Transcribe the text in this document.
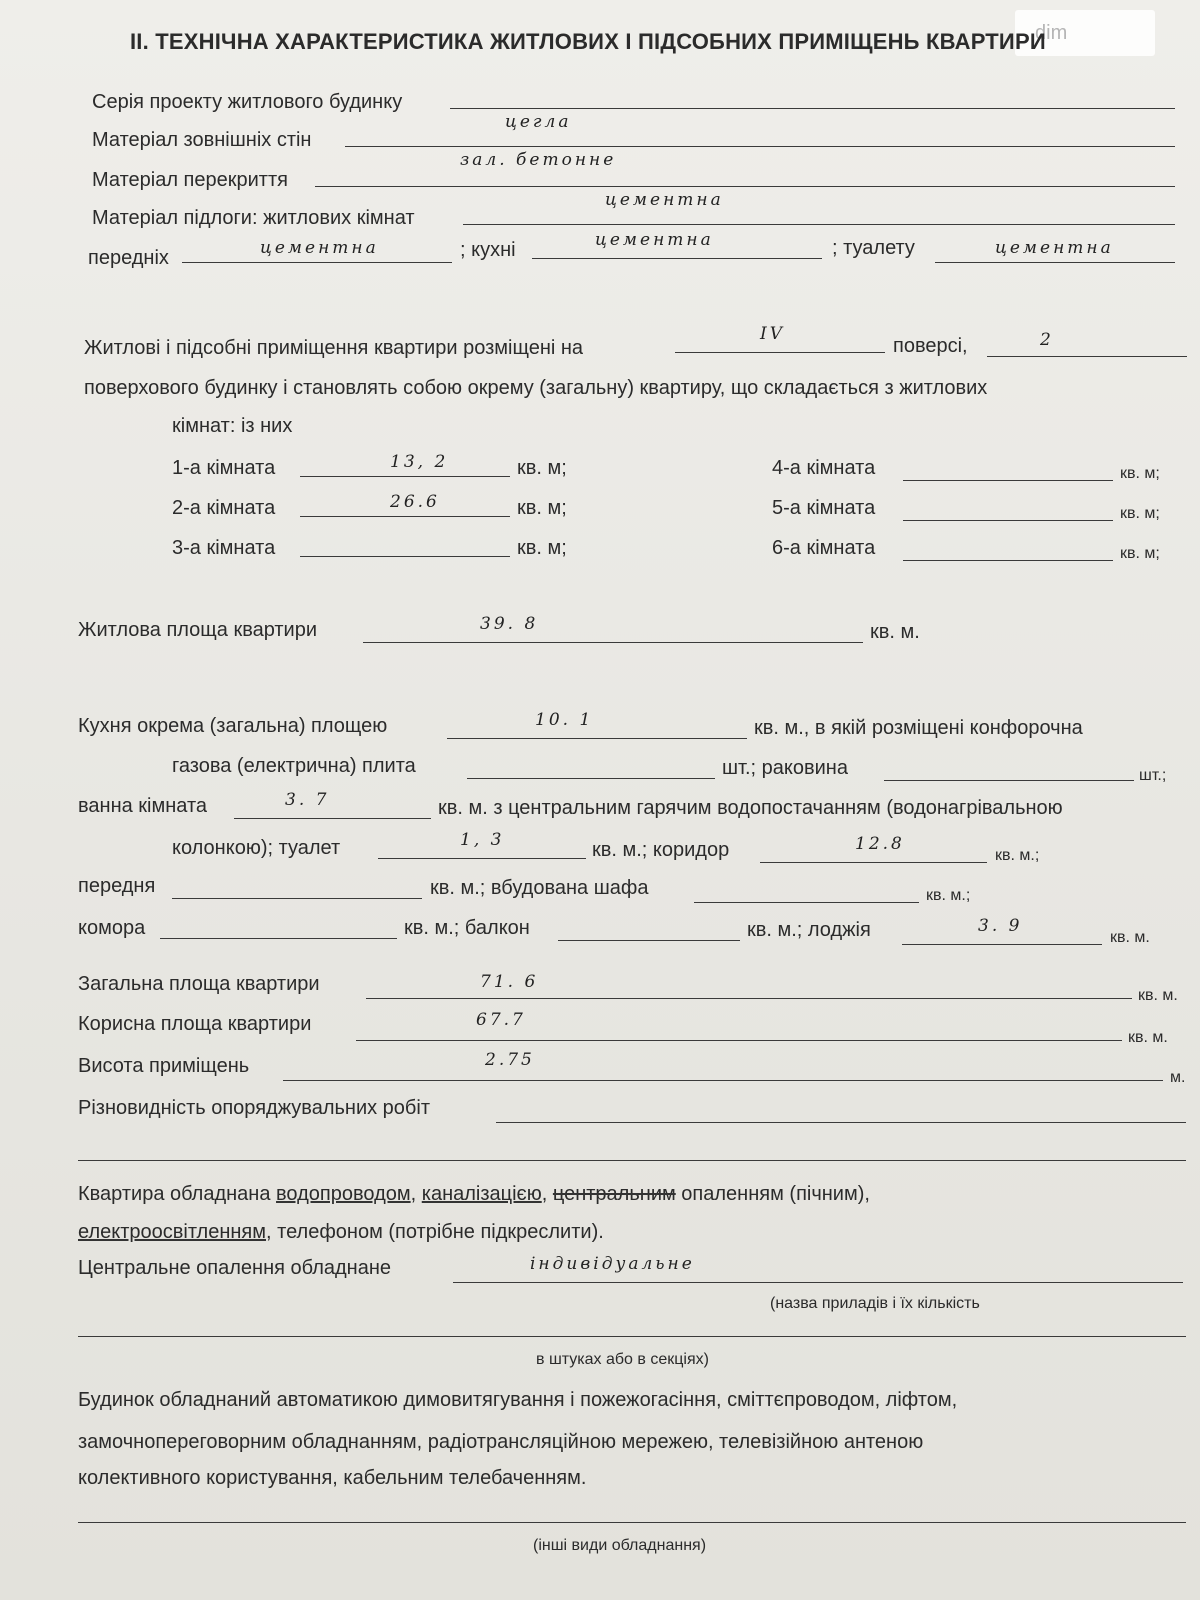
dim
ІІ. ТЕХНІЧНА ХАРАКТЕРИСТИКА ЖИТЛОВИХ І ПІДСОБНИХ ПРИМІЩЕНЬ КВАРТИРИ
Серія проекту житлового будинку
Матеріал зовнішніх стін
цегла
Матеріал перекриття
зал. бетонне
Матеріал підлоги: житлових кімнат
цементна
передніх	цементна	; кухні	цементна	; туалету	цементна
Житлові і підсобні приміщення квартири розміщені на
IV
поверсі,	2
поверхового будинку і становлять собою окрему (загальну) квартиру, що складається з житлових
кімнат: із них
1-а кімната	13, 2	кв. м;
2-а кімната	26.6	кв. м;
3-а кімната	кв. м;
4-а кімната	кв. м;
5-а кімната	кв. м;
6-а кімната	кв. м;
Житлова площа квартири	39. 8	кв. м.
Кухня окрема (загальна) площею	10. 1	кв. м., в якій розміщені конфорочна
газова (електрична) плита	шт.; раковина	шт.;
ванна кімната	3. 7	кв. м. з центральним гарячим водопостачанням (водонагрівальною
колонкою); туалет	1, 3	кв. м.; коридор	12.8
кв. м.;
передня	кв. м.; вбудована шафа	кв. м.;
комора	кв. м.; балкон	кв. м.; лоджія	3. 9
кв. м.
Загальна площа квартири	71. 6
кв. м.
Корисна площа квартири	67.7
кв. м.
Висота приміщень	2.75
м.
Різновидність опоряджувальних робіт
Квартира обладнана водопроводом, каналізацією, центральним опаленням (пічним),
електроосвітленням, телефоном (потрібне підкреслити).
Центральне опалення обладнане	індивідуальне
(назва приладів і їх кількість
в штуках або в секціях)
Будинок обладнаний автоматикою димовитягування і пожежогасіння, сміттєпроводом, ліфтом,
замочнопереговорним обладнанням, радіотрансляційною мережею, телевізійною антеною
колективного користування, кабельним телебаченням.
(інші види обладнання)
